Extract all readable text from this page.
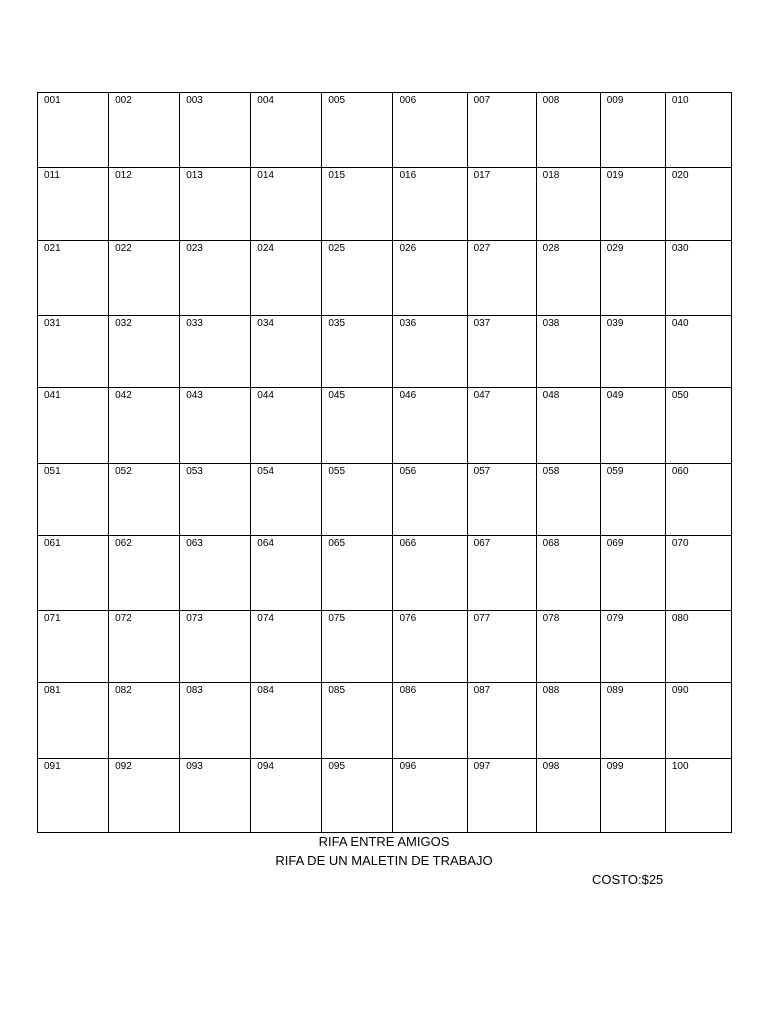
001	002	003	004	005	006	007	008	009	010
011	012	013	014	015	016	017	018	019	020
021	022	023	024	025	026	027	028	029	030
031	032	033	034	035	036	037	038	039	040
041	042	043	044	045	046	047	048	049	050
051	052	053	054	055	056	057	058	059	060
061	062	063	064	065	066	067	068	069	070
071	072	073	074	075	076	077	078	079	080
081	082	083	084	085	086	087	088	089	090
091	092	093	094	095	096	097	098	099	100
RIFA ENTRE AMIGOS
RIFA DE UN MALETIN DE TRABAJO
COSTO:$25
